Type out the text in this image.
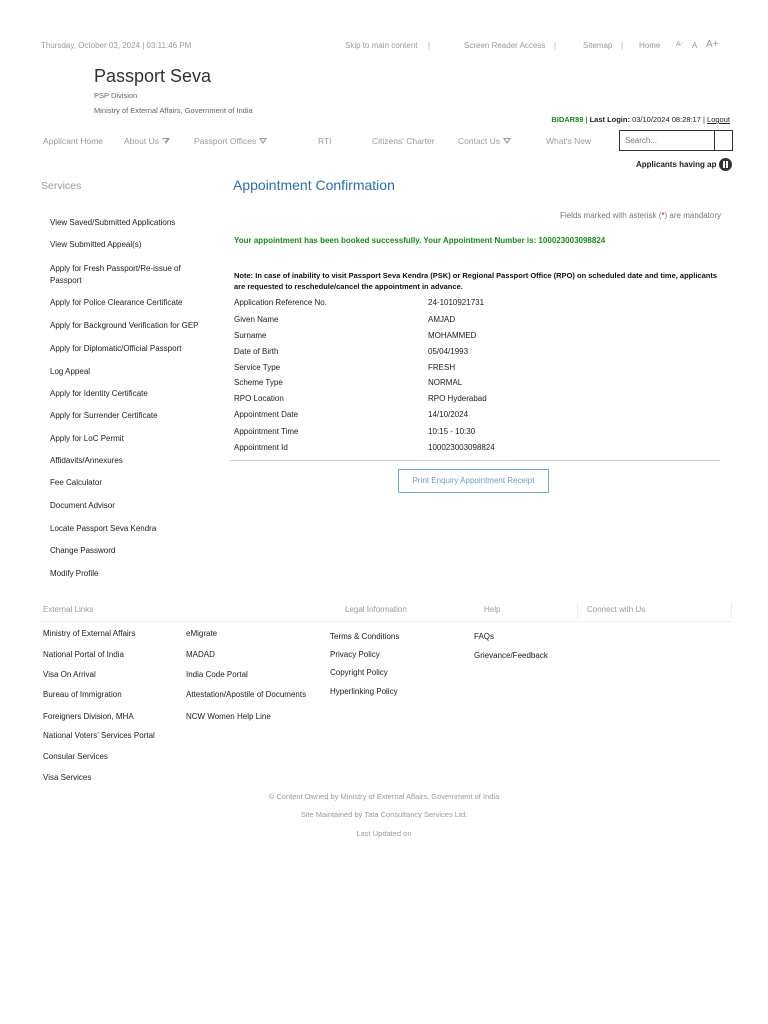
Thursday, October 03, 2024 | 03:11:46 PM	Skip to main content |	Screen Reader Access |	Sitemap | Home A- A A+
Passport Seva
PSP Division
Ministry of External Affairs, Government of India
BIDAR89 | Last Login: 03/10/2024 08:28:17 | Logout
Applicant Home About Us	Passport Offices	RTI	Citizens' Charter	Contact Us	What's New
Search...
Applicants having ap
Services
View Saved/Submitted Applications
View Submitted Appeal(s)
Apply for Fresh Passport/Re-issue of Passport
Apply for Police Clearance Certificate
Apply for Background Verification for GEP
Apply for Diplomatic/Official Passport
Log Appeal
Apply for Identity Certificate
Apply for Surrender Certificate
Apply for LoC Permit
Affidavits/Annexures
Fee Calculator
Document Advisor
Locate Passport Seva Kendra
Change Password
Modify Profile
Appointment Confirmation
Fields marked with asterisk (*) are mandatory
Your appointment has been booked successfully. Your Appointment Number is: 100023003098824
Note: In case of inability to visit Passport Seva Kendra (PSK) or Regional Passport Office (RPO) on scheduled date and time, applicants are requested to reschedule/cancel the appointment in advance.
Application Reference No.	24-1010921731
Given Name	AMJAD
Surname	MOHAMMED
Date of Birth	05/04/1993
Service Type	FRESH
Scheme Type	NORMAL
RPO Location	RPO Hyderabad
Appointment Date	14/10/2024
Appointment Time	10:15 - 10:30
Appointment Id	100023003098824
Print Enquiry Appointment Receipt
External Links	Legal Information	Help	Connect with Us
Ministry of External Affairs
National Portal of India
Visa On Arrival
Bureau of Immigration
Foreigners Division, MHA
National Voters' Services Portal
Consular Services
Visa Services
eMigrate
MADAD
India Code Portal
Attestation/Apostile of Documents
NCW Women Help Line
Terms & Conditions
Privacy Policy
Copyright Policy
Hyperlinking Policy
FAQs
Grievance/Feedback
© Content Owned by Ministry of External Affairs, Government of India
Site Maintained by Tata Consultancy Services Ltd.
Last Updated on
